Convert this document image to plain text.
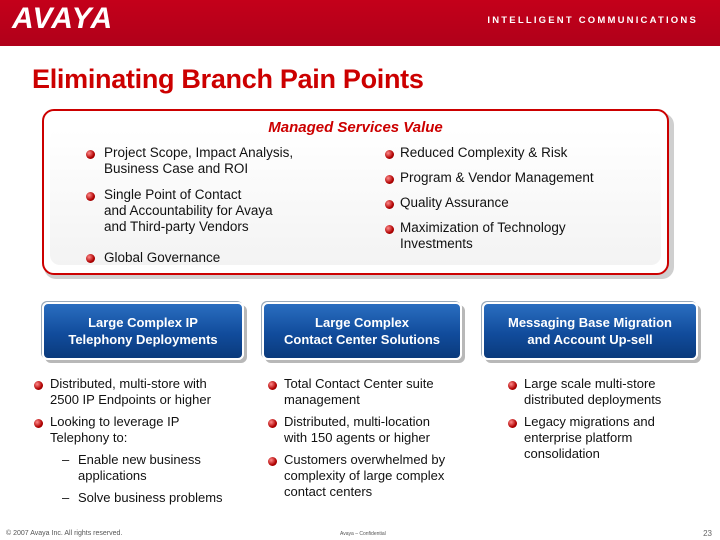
AVAYA	INTELLIGENT COMMUNICATIONS
Eliminating Branch Pain Points
Managed Services Value
Project Scope, Impact Analysis,
Business Case and ROI
Single Point of Contact
and Accountability for Avaya
and Third-party Vendors
Global Governance
Reduced Complexity & Risk
Program & Vendor Management
Quality Assurance
Maximization of Technology
Investments
Large Complex IP
Telephony Deployments
Large Complex
Contact Center Solutions
Messaging Base Migration
and Account Up-sell
Distributed, multi-store with
2500 IP Endpoints or higher
Looking to leverage IP
Telephony to:
– Enable new business
applications
– Solve business problems
Total Contact Center suite
management
Distributed, multi-location
with 150 agents or higher
Customers overwhelmed by
complexity of large complex
contact centers
Large scale multi-store
distributed deployments
Legacy migrations and
enterprise platform
consolidation
© 2007 Avaya Inc. All rights reserved.	Avaya – Confidential	23
